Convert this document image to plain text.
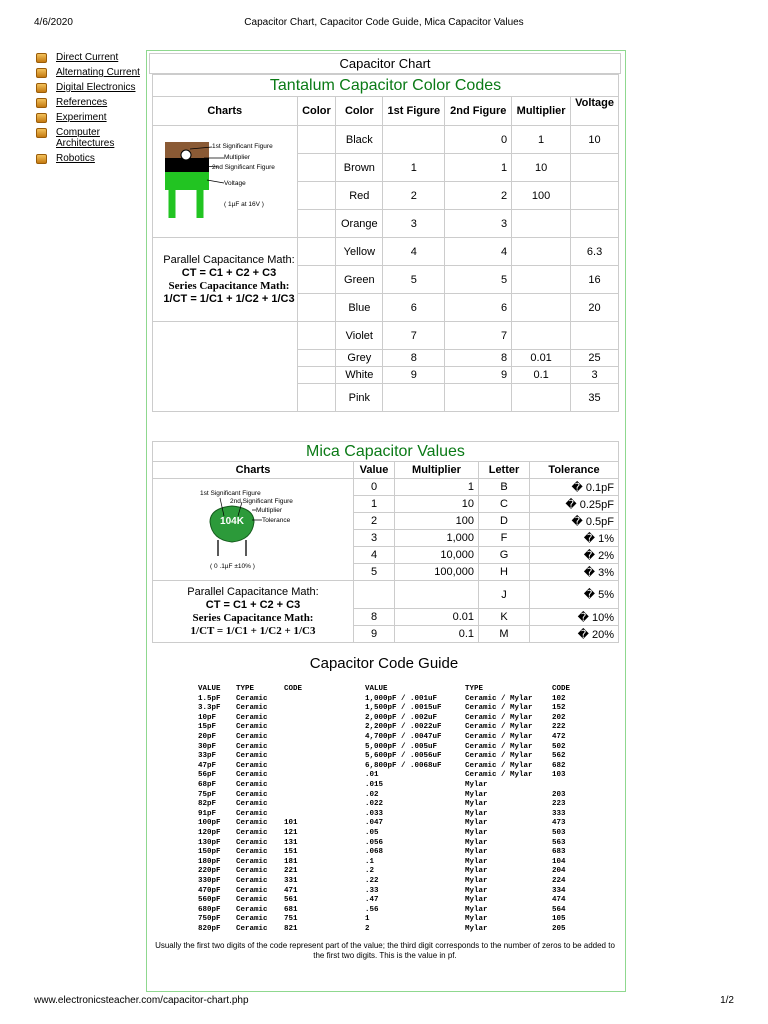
4/6/2020	Capacitor Chart, Capacitor Code Guide, Mica Capacitor Values
Direct Current
Alternating Current
Digital Electronics
References
Experiment
Computer Architectures
Robotics
Capacitor Chart
Tantalum Capacitor Color Codes						
Charts	Color	Color	1st Figure	2nd Figure	Multiplier	Voltage
		Black		0	1	10
		Brown	1	1	10	
		Red	2	2	100	
		Orange	3	3		
		Yellow	4	4		6.3
		Green	5	5		16
		Blue	6	6		20
		Violet	7	7		
		Grey	8	8	0.01	25
		White	9	9	0.1	3
		Pink				35
1st Significant Figure
Multiplier
2nd Significant Figure
Voltage
( 1µF at 16V )
Parallel Capacitance Math:
CT = C1 + C2 + C3
Series Capacitance Math:
1/CT = 1/C1 + 1/C2 + 1/C3
Mica Capacitor Values				
Charts	Value	Multiplier	Letter	Tolerance
	0	1	B	� 0.1pF
	1	10	C	� 0.25pF
	2	100	D	� 0.5pF
	3	1,000	F	� 1%
	4	10,000	G	� 2%
	5	100,000	H	� 3%
			J	� 5%
	8	0.01	K	� 10%
	9	0.1	M	� 20%
104K
1st Significant Figure
2nd Significant Figure
Multiplier
Tolerance
( 0 .1µF ±10% )
Parallel Capacitance Math:
CT = C1 + C2 + C3
Series Capacitance Math:
1/CT = 1/C1 + 1/C2 + 1/C3
Capacitor Code Guide
VALUE TYPE	CODE
1.5pF Ceramic
3.3pF Ceramic
10pF	Ceramic
15pF	Ceramic
20pF	Ceramic
30pF	Ceramic
33pF	Ceramic
47pF	Ceramic
56pF	Ceramic
68pF	Ceramic
75pF	Ceramic
82pF	Ceramic
91pF	Ceramic
100pF Ceramic 101
120pF Ceramic 121
130pF Ceramic 131
150pF Ceramic 151
180pF Ceramic 181
220pF Ceramic 221
330pF Ceramic 331
470pF Ceramic 471
560pF Ceramic 561
680pF Ceramic 681
750pF Ceramic 751
820pF Ceramic 821
VALUE	TYPE	CODE
1,000pF / .001uF	Ceramic / Mylar	102
1,500pF / .0015uF	Ceramic / Mylar	152
2,000pF / .002uF	Ceramic / Mylar	202
2,200pF / .0022uF	Ceramic / Mylar	222
4,700pF / .0047uF	Ceramic / Mylar	472
5,000pF / .005uF	Ceramic / Mylar	502
5,600pF / .0056uF	Ceramic / Mylar	562
6,800pF / .0068uF	Ceramic / Mylar	682
.01	Ceramic / Mylar	103
.015	Mylar
.02	Mylar	203
.022	Mylar	223
.033	Mylar	333
.047	Mylar	473
.05	Mylar	503
.056	Mylar	563
.068	Mylar	683
.1	Mylar	104
.2	Mylar	204
.22	Mylar	224
.33	Mylar	334
.47	Mylar	474
.56	Mylar	564
1	Mylar	105
2	Mylar	205
Usually the first two digits of the code represent part of the value; the third digit corresponds to the number of zeros to be added to the first two digits. This is the value in pf.
www.electronicsteacher.com/capacitor-chart.php	1/2
